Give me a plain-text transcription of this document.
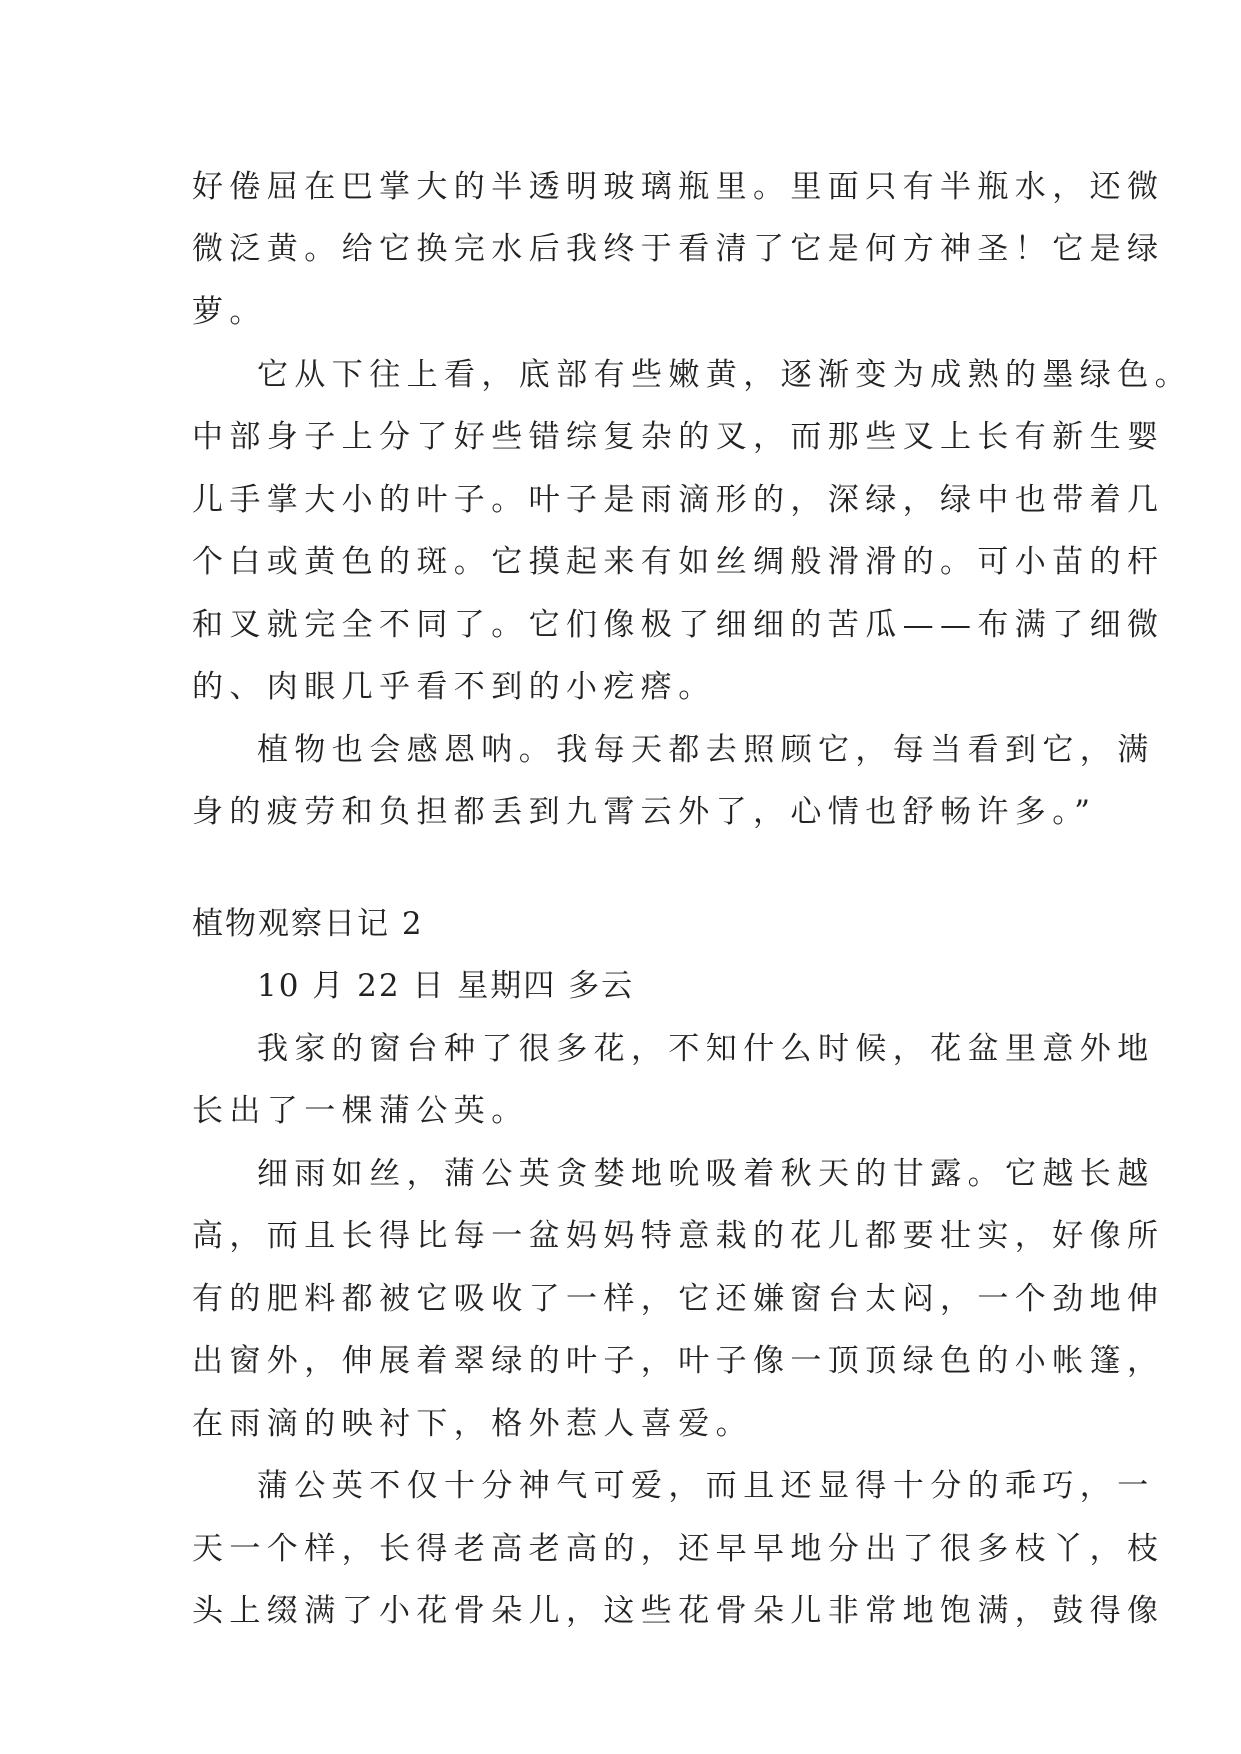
好倦屈在巴掌大的半透明玻璃瓶里。里面只有半瓶水，还微
微泛黄。给它换完水后我终于看清了它是何方神圣！它是绿
萝。
它从下往上看，底部有些嫩黄，逐渐变为成熟的墨绿色。
中部身子上分了好些错综复杂的叉，而那些叉上长有新生婴
儿手掌大小的叶子。叶子是雨滴形的，深绿，绿中也带着几
个白或黄色的斑。它摸起来有如丝绸般滑滑的。可小苗的杆
和叉就完全不同了。它们像极了细细的苦瓜——布满了细微
的、肉眼几乎看不到的小疙瘩。
植物也会感恩呐。我每天都去照顾它，每当看到它，满
身的疲劳和负担都丢到九霄云外了，心情也舒畅许多。”
植物观察日记 2
10 月 22 日 星期四 多云
我家的窗台种了很多花，不知什么时候，花盆里意外地
长出了一棵蒲公英。
细雨如丝，蒲公英贪婪地吮吸着秋天的甘露。它越长越
高，而且长得比每一盆妈妈特意栽的花儿都要壮实，好像所
有的肥料都被它吸收了一样，它还嫌窗台太闷，一个劲地伸
出窗外，伸展着翠绿的叶子，叶子像一顶顶绿色的小帐篷，
在雨滴的映衬下，格外惹人喜爱。
蒲公英不仅十分神气可爱，而且还显得十分的乖巧，一
天一个样，长得老高老高的，还早早地分出了很多枝丫，枝
头上缀满了小花骨朵儿，这些花骨朵儿非常地饱满，鼓得像
